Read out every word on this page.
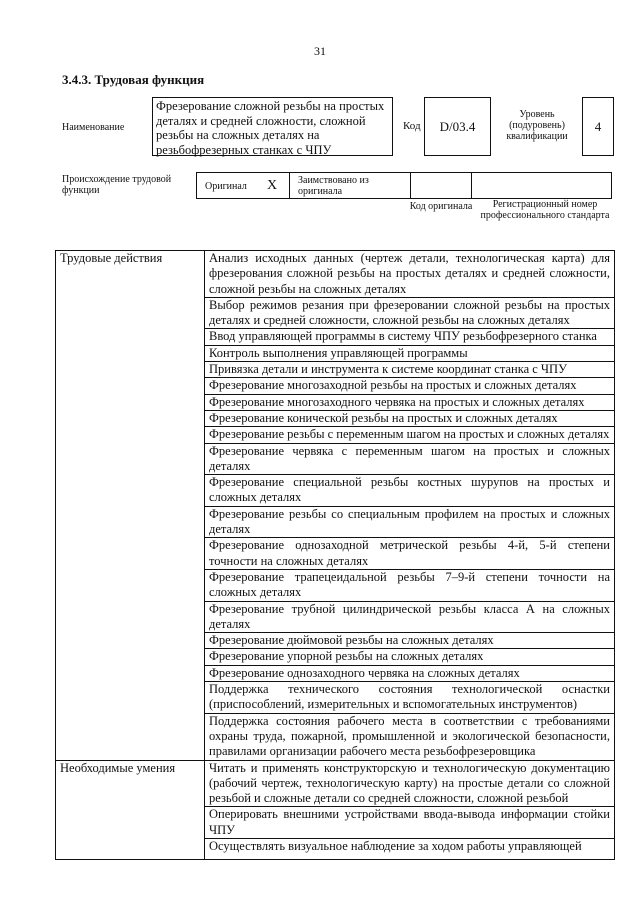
31
3.4.3. Трудовая функция
Наименование
Фрезерование сложной резьбы на простых деталях и средней сложности, сложной резьбы на сложных деталях на резьбофрезерных станках с ЧПУ
Код	D/03.4
Уровень (подуровень) квалификации
4
Происхождение трудовой функции	Оригинал X Заимствовано из оригинала
Код оригинала	Регистрационный номер профессионального стандарта
Трудовые действия	Анализ исходных данных (чертеж детали, технологическая карта) для фрезерования сложной резьбы на простых деталях и средней сложности, сложной резьбы на сложных деталях

	Выбор режимов резания при фрезеровании сложной резьбы на простых деталях и средней сложности, сложной резьбы на сложных деталях

	Ввод управляющей программы в систему ЧПУ резьбофрезерного станка

	Контроль выполнения управляющей программы

	Привязка детали и инструмента к системе координат станка с ЧПУ

	Фрезерование многозаходной резьбы на простых и сложных деталях

	Фрезерование многозаходного червяка на простых и сложных деталях

	Фрезерование конической резьбы на простых и сложных деталях

	Фрезерование резьбы с переменным шагом на простых и сложных деталях

	Фрезерование червяка с переменным шагом на простых и сложных деталях

	Фрезерование специальной резьбы костных шурупов на простых и сложных деталях

	Фрезерование резьбы со специальным профилем на простых и сложных деталях

	Фрезерование однозаходной метрической резьбы 4-й, 5-й степени точности на сложных деталях

	Фрезерование трапецеидальной резьбы 7–9-й степени точности на сложных деталях

	Фрезерование трубной цилиндрической резьбы класса А на сложных деталях

	Фрезерование дюймовой резьбы на сложных деталях

	Фрезерование упорной резьбы на сложных деталях

	Фрезерование однозаходного червяка на сложных деталях

	Поддержка технического состояния технологической оснастки (приспособлений, измерительных и вспомогательных инструментов)

	Поддержка состояния рабочего места в соответствии с требованиями охраны труда, пожарной, промышленной и экологической безопасности, правилами организации рабочего места резьбофрезеровщика

Необходимые умения	Читать и применять конструкторскую и технологическую документацию (рабочий чертеж, технологическую карту) на простые детали со сложной резьбой и сложные детали со средней сложности, сложной резьбой

	Оперировать внешними устройствами ввода-вывода информации стойки ЧПУ

	Осуществлять визуальное наблюдение за ходом работы управляющей
